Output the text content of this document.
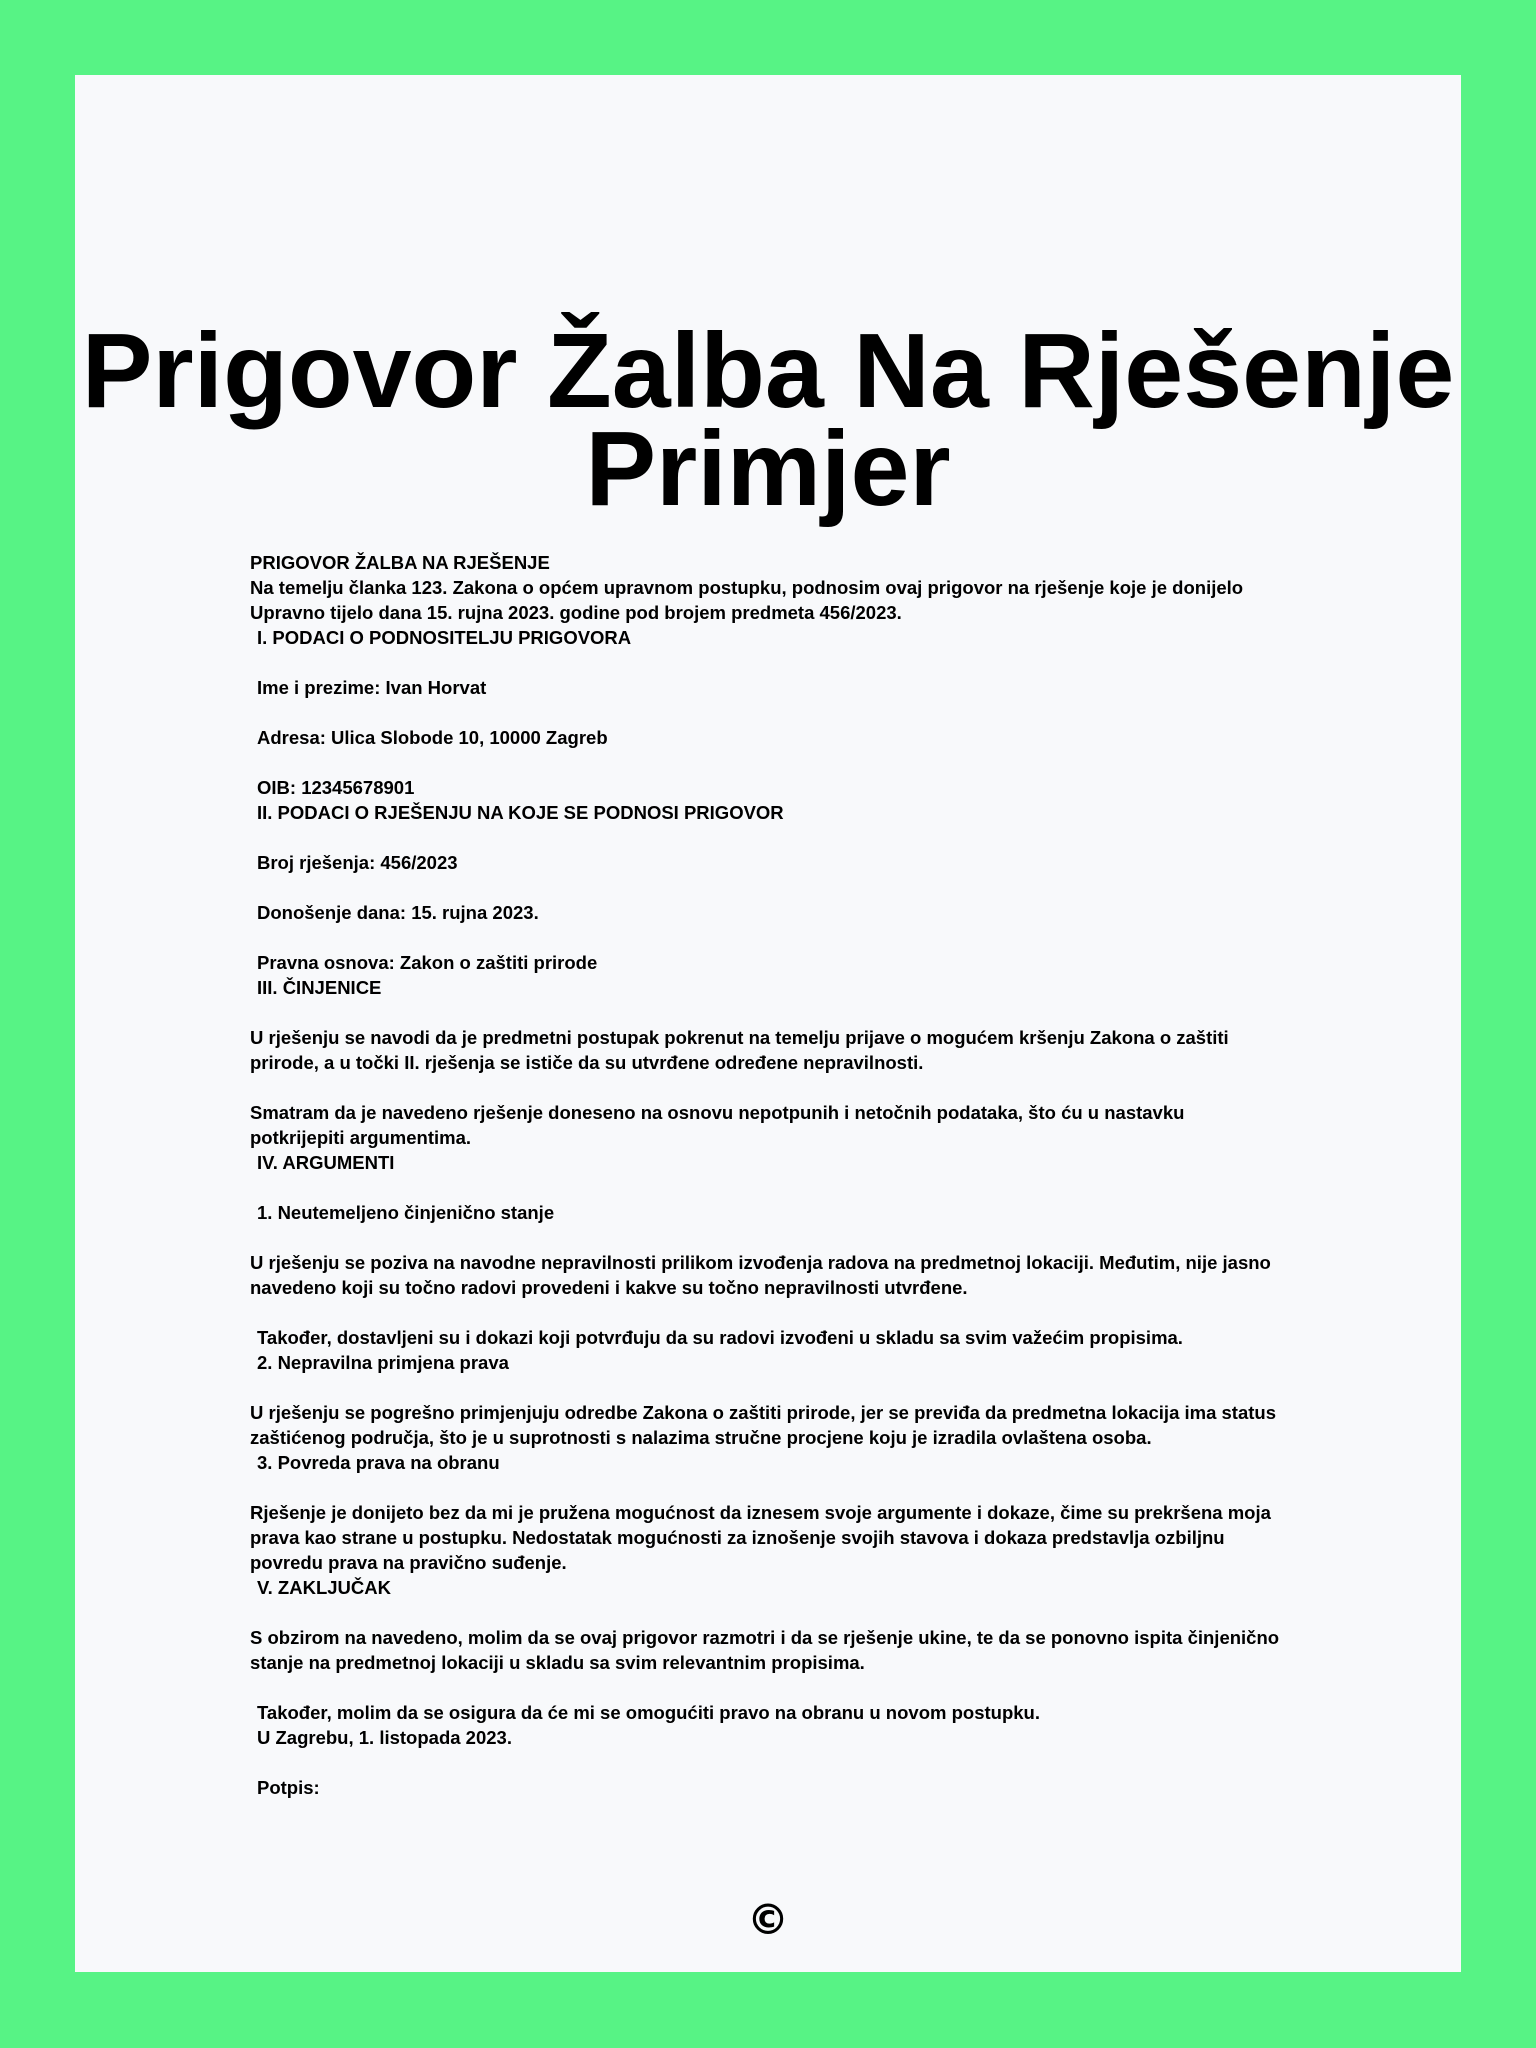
Prigovor Žalba Na Rješenje Primjer

PRIGOVOR ŽALBA NA RJEŠENJE

Na temelju članka 123. Zakona o općem upravnom postupku, podnosim ovaj prigovor na rješenje koje je donijelo Upravno tijelo dana 15. rujna 2023. godine pod brojem predmeta 456/2023.

I. PODACI O PODNOSITELJU PRIGOVORA

Ime i prezime: Ivan Horvat

Adresa: Ulica Slobode 10, 10000 Zagreb

OIB: 12345678901

II. PODACI O RJEŠENJU NA KOJE SE PODNOSI PRIGOVOR

Broj rješenja: 456/2023

Donošenje dana: 15. rujna 2023.

Pravna osnova: Zakon o zaštiti prirode

III. ČINJENICE

U rješenju se navodi da je predmetni postupak pokrenut na temelju prijave o mogućem kršenju Zakona o zaštiti prirode, a u točki II. rješenja se ističe da su utvrđene određene nepravilnosti.

Smatram da je navedeno rješenje doneseno na osnovu nepotpunih i netočnih podataka, što ću u nastavku potkrijepiti argumentima.

IV. ARGUMENTI

1. Neutemeljeno činjenično stanje

U rješenju se poziva na navodne nepravilnosti prilikom izvođenja radova na predmetnoj lokaciji. Međutim, nije jasno navedeno koji su točno radovi provedeni i kakve su točno nepravilnosti utvrđene.

Također, dostavljeni su i dokazi koji potvrđuju da su radovi izvođeni u skladu sa svim važećim propisima.

2. Nepravilna primjena prava

U rješenju se pogrešno primjenjuju odredbe Zakona o zaštiti prirode, jer se previđa da predmetna lokacija ima status zaštićenog područja, što je u suprotnosti s nalazima stručne procjene koju je izradila ovlaštena osoba.

3. Povreda prava na obranu

Rješenje je donijeto bez da mi je pružena mogućnost da iznesem svoje argumente i dokaze, čime su prekršena moja prava kao strane u postupku. Nedostatak mogućnosti za iznošenje svojih stavova i dokaza predstavlja ozbiljnu povredu prava na pravično suđenje.

V. ZAKLJUČAK

S obzirom na navedeno, molim da se ovaj prigovor razmotri i da se rješenje ukine, te da se ponovno ispita činjenično stanje na predmetnoj lokaciji u skladu sa svim relevantnim propisima.

Također, molim da se osigura da će mi se omogućiti pravo na obranu u novom postupku.

U Zagrebu, 1. listopada 2023.

Potpis:

©
